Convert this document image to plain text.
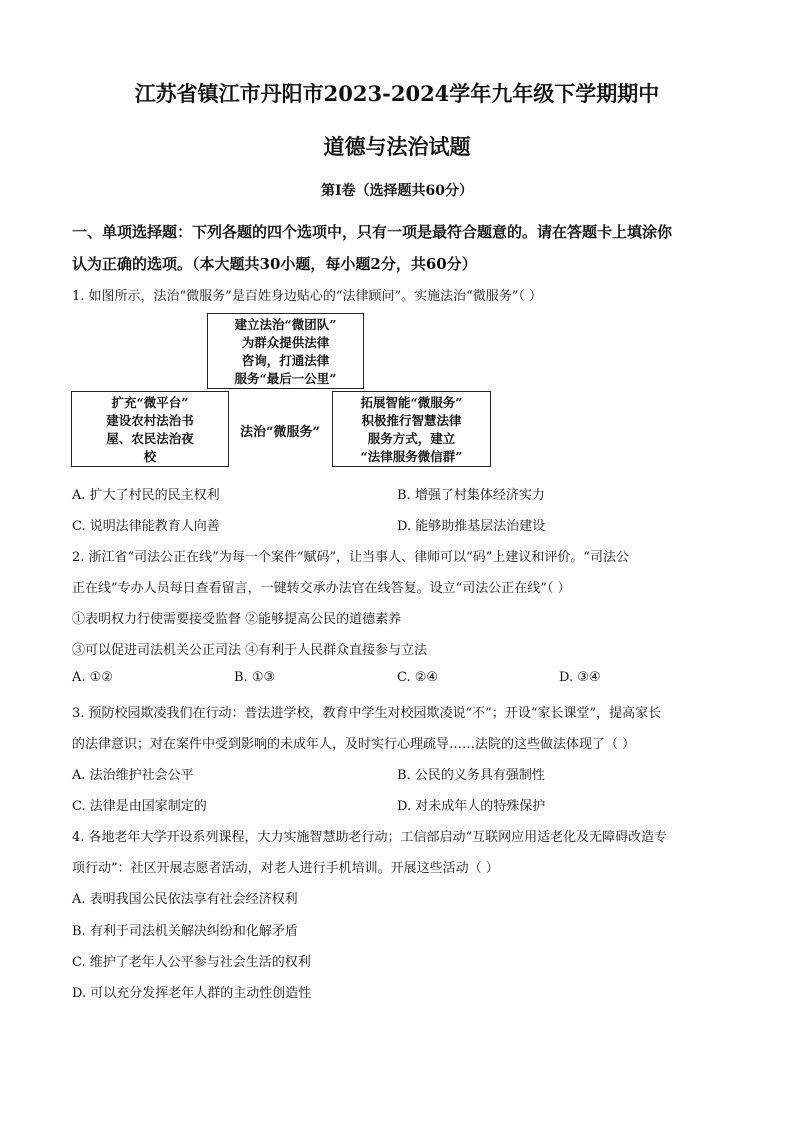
江苏省镇江市丹阳市2023-2024学年九年级下学期期中
道德与法治试题
第Ⅰ卷（选择题共60分）
一、单项选择题：下列各题的四个选项中，只有一项是最符合题意的。请在答题卡上填涂你
认为正确的选项。（本大题共30小题，每小题2分，共60分）
1. 如图所示，法治“微服务”是百姓身边贴心的“法律顾问”。实施法治“微服务”（ ）
建立法治“微团队”
为群众提供法律
咨询，打通法律
服务“最后一公里”
扩充“微平台”
建设农村法治书
屋、农民法治夜
校
法治“微服务”
拓展智能“微服务”
积极推行智慧法律
服务方式，建立
“法律服务微信群”
A. 扩大了村民的民主权利	B. 增强了村集体经济实力
C. 说明法律能教育人向善	D. 能够助推基层法治建设
2. 浙江省“司法公正在线”为每一个案件“赋码”，让当事人、律师可以“码”上建议和评价。“司法公
正在线”专办人员每日查看留言，一键转交承办法官在线答复。设立“司法公正在线”（ ）
①表明权力行使需要接受监督 ②能够提高公民的道德素养
③可以促进司法机关公正司法 ④有利于人民群众直接参与立法
A. ①②	B. ①③	C. ②④	D. ③④
3. 预防校园欺凌我们在行动：普法进学校，教育中学生对校园欺凌说“不”；开设“家长课堂”，提高家长
的法律意识；对在案件中受到影响的未成年人，及时实行心理疏导……法院的这些做法体现了（ ）
A. 法治维护社会公平	B. 公民的义务具有强制性
C. 法律是由国家制定的	D. 对未成年人的特殊保护
4. 各地老年大学开设系列课程，大力实施智慧助老行动；工信部启动“互联网应用适老化及无障碍改造专
项行动”：社区开展志愿者活动，对老人进行手机培训。开展这些活动（ ）
A. 表明我国公民依法享有社会经济权利
B. 有利于司法机关解决纠纷和化解矛盾
C. 维护了老年人公平参与社会生活的权利
D. 可以充分发挥老年人群的主动性创造性
